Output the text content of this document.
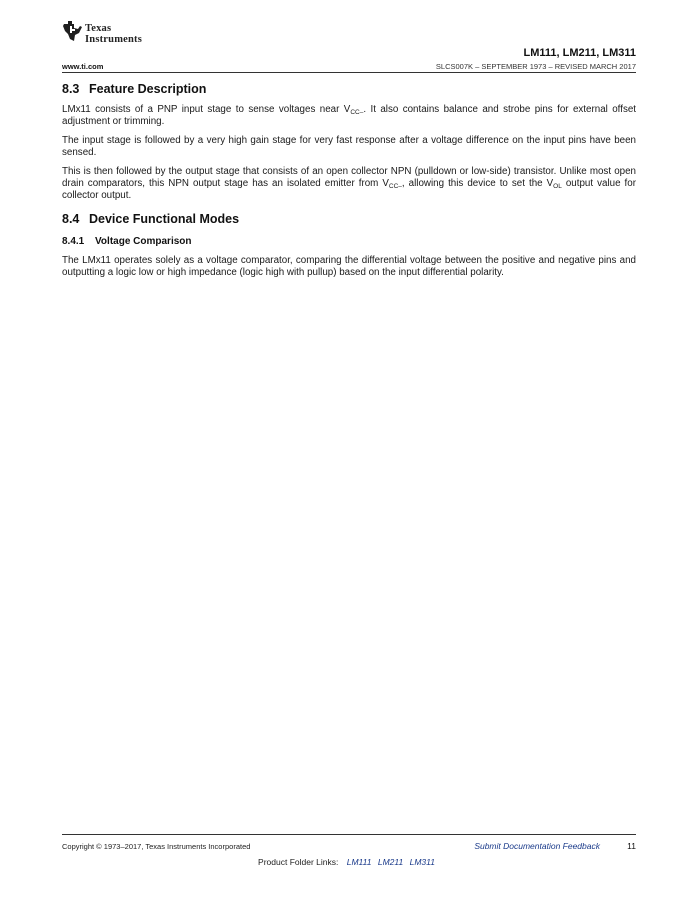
Texas
Instruments
LM111, LM211, LM311
www.ti.com	SLCS007K – SEPTEMBER 1973 – REVISED MARCH 2017
8.3 Feature Description

LMx11 consists of a PNP input stage to sense voltages near $V_{CC-}$. It also contains balance and strobe pins for external offset adjustment or trimming.

The input stage is followed by a very high gain stage for very fast response after a voltage difference on the input pins have been sensed.

This is then followed by the output stage that consists of an open collector NPN (pulldown or low-side) transistor. Unlike most open drain comparators, this NPN output stage has an isolated emitter from $V_{CC-}$, allowing this device to set the $V_{OL}$ output value for collector output.

8.4 Device Functional Modes
8.4.1 Voltage Comparison

The LMx11 operates solely as a voltage comparator, comparing the differential voltage between the positive and negative pins and outputting a logic low or high impedance (logic high with pullup) based on the input differential polarity.

Copyright © 1973–2017, Texas Instruments Incorporated	Submit Documentation Feedback	11
Product Folder Links: LM111 LM211 LM311
